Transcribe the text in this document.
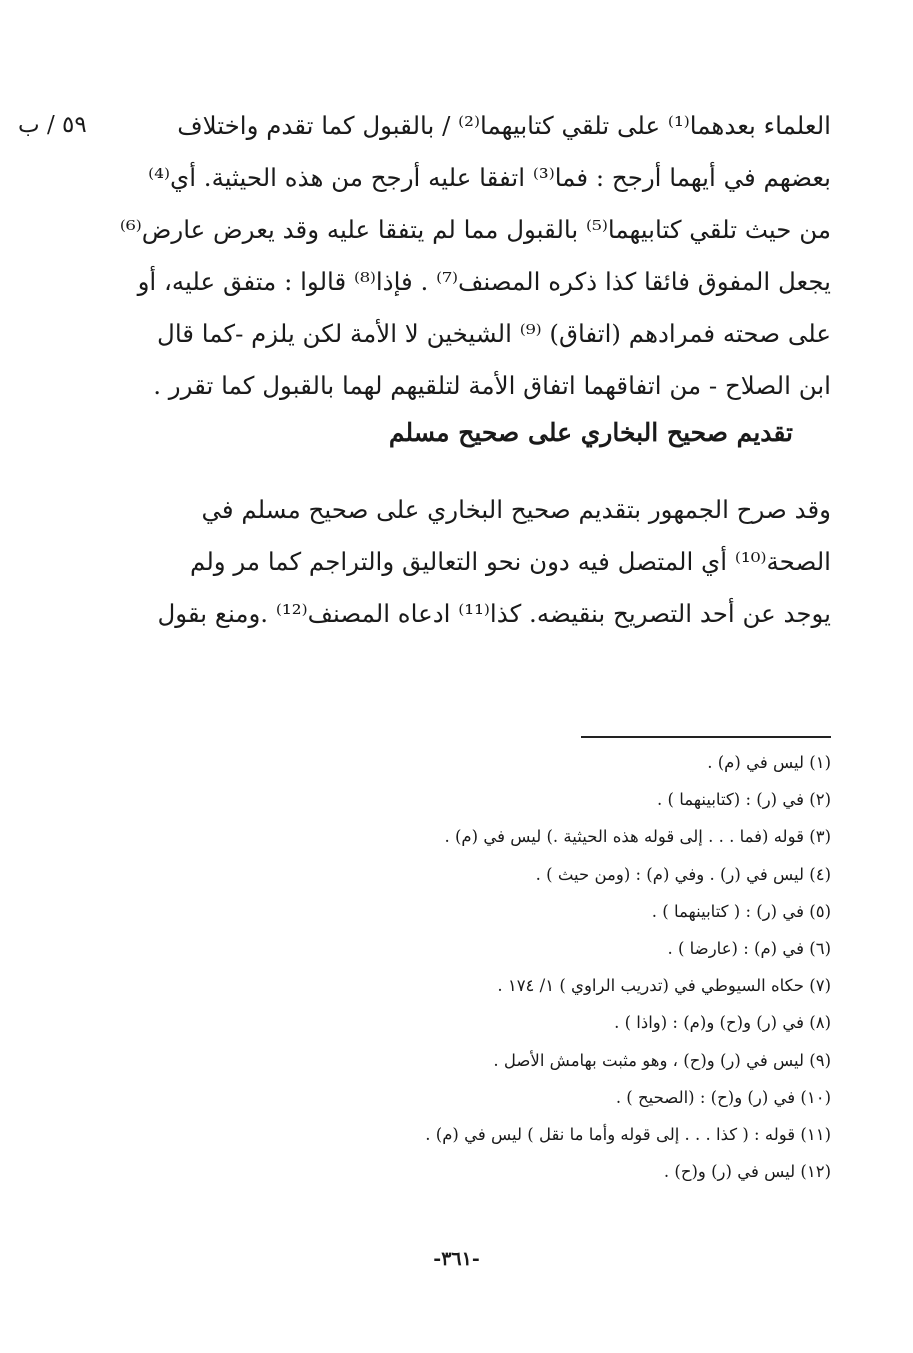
٥٩ / ب	العلماء بعدهما⁽¹⁾ على تلقي كتابيهما⁽²⁾ / بالقبول كما تقدم واختلاف
بعضهم في أيهما أرجح : فما⁽³⁾ اتفقا عليه أرجح من هذه الحيثية. أي⁽⁴⁾
من حيث تلقي كتابيهما⁽⁵⁾ بالقبول مما لم يتفقا عليه وقد يعرض عارض⁽⁶⁾
يجعل المفوق فائقا كذا ذكره المصنف⁽⁷⁾ . فإذا⁽⁸⁾ قالوا : متفق عليه، أو
على صحته فمرادهم (اتفاق) ⁽⁹⁾ الشيخين لا الأمة لكن يلزم -كما قال
ابن الصلاح - من اتفاقهما اتفاق الأمة لتلقيهم لهما بالقبول كما تقرر .
تقديم صحيح البخاري على صحيح مسلم
وقد صرح الجمهور بتقديم صحيح البخاري على صحيح مسلم في
الصحة⁽¹⁰⁾ أي المتصل فيه دون نحو التعاليق والتراجم كما مر ولم
يوجد عن أحد التصريح بنقيضه. كذا⁽¹¹⁾ ادعاه المصنف⁽¹²⁾ .ومنع بقول
(١) ليس في (م) .
(٢) في (ر) : (كتابينهما ) .
(٣) قوله (فما . . . إلى قوله هذه الحيثية .) ليس في (م) .
(٤) ليس في (ر) . وفي (م) : (ومن حيث ) .
(٥) في (ر) : ( كتابينهما ) .
(٦) في (م) : (عارضا ) .
(٧) حكاه السيوطي في (تدريب الراوي ) ١/ ١٧٤ .
(٨) في (ر) و(ح) و(م) : (واذا ) .
(٩) ليس في (ر) و(ح) ، وهو مثبت بهامش الأصل .
(١٠) في (ر) و(ح) : (الصحيح ) .
(١١) قوله : ( كذا . . . إلى قوله وأما ما نقل ) ليس في (م) .
(١٢) ليس في (ر) و(ح) .
-٣٦١-
